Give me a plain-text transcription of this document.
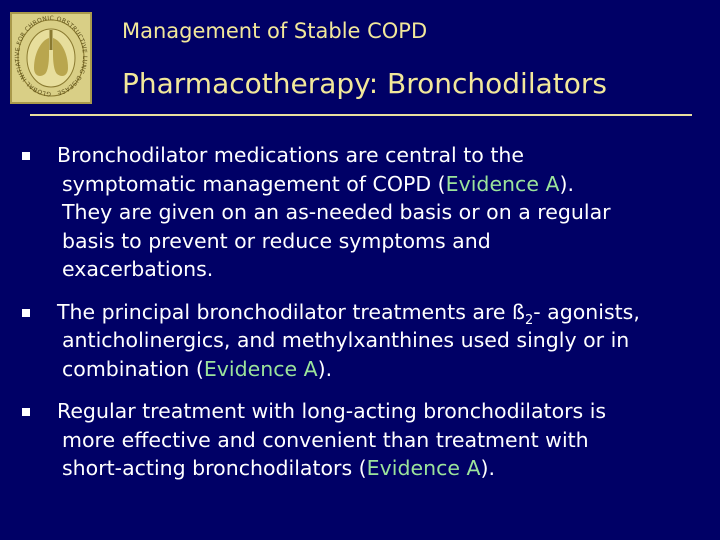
GLOBAL INITIATIVE FOR CHRONIC OBSTRUCTIVE LUNG DISEASE
Management of Stable COPD
Pharmacotherapy: Bronchodilators
Bronchodilator medications are central to the
symptomatic management of COPD (Evidence A).
They are given on an as-needed basis or on a regular
basis to prevent or reduce symptoms and
exacerbations.
The principal bronchodilator treatments are $ß_2-$ agonists,
anticholinergics, and methylxanthines used singly or in
combination (Evidence A).
Regular treatment with long-acting bronchodilators is
more effective and convenient than treatment with
short-acting bronchodilators (Evidence A).
